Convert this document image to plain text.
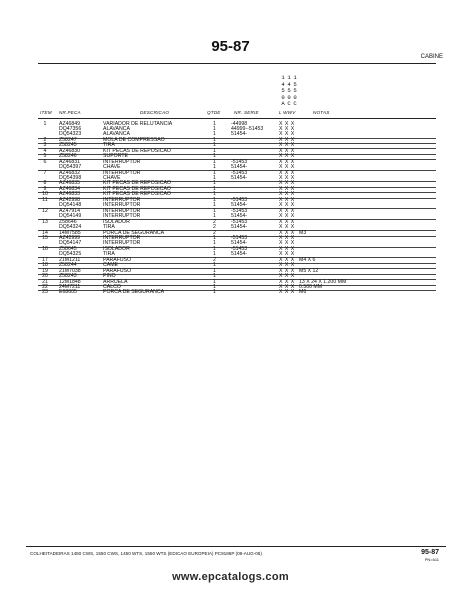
95-87
CABINE
1
4
5
0
A
1
4
5
0
C
1
5
5
0
C
ITEM NR.PECA	DESCRICAO	QTDE	NR. SERIE	L WWV	NOTAS
1	AZ46849	VARIADOR DE RELUTANCIA	1	-44998	X X X
DQ47356	ALAVANCA	1	44999--51453	X X X
DQ54323	ALAVANCA	1	51454-	X X X
2	Z58247	MOLA DE COMPRESSAO	1	X X X
3	Z58245	TIRA	1	X X X
4	AZ46830	KIT PECAS DE REPOSICAO	1	X X X
5	Z58246	SUPORTE	1	X X X
6	AZ46831	INTERRUPTOR	1	-51453	X X X
DQ54397	CHAVE	1	51454-	X X X
7	AZ46832	INTERRUPTOR	1	-51453	X X X
DQ54398	CHAVE	1	51454-	X X X
8	AZ46835	KIT PECAS DE REPOSICAO	1	X X X
9	AZ46834	KIT PECAS DE REPOSICAO	1	X X X
10	AZ46833	KIT PECAS DE REPOSICAO	1	X X X
11	AZ42998	INTERRUPTOR	1	-51453	X X X
DQ54148	INTERRUPTOR	1	51454-	X X X
12	AZ47914	INTERRUPTOR	1	-51453	X X X
DQ54149	INTERRUPTOR	1	51454-	X X X
13	Z58646	ISOLADOR	2	-51453	X X X
DQ54324	TIRA	2	51454-	X X X
14	14M7585	PORCA DE SEGURANCA	2	X X X M3
15	AZ42999	INTERRUPTOR	1	-51453	X X X
DQ54147	INTERRUPTOR	1	51454-	X X X
16	Z58645	ISOLADOR	1	-51453	X X X
DQ54325	TIRA	1	51454-	X X X
17	21M1211	PARAFUSO	2	X X X M4 X 6
18	Z58244	CAME	1	X X X
19	21M7038	PARAFUSO	1	X X X M5 X 12
20	Z58243	PINO	1	X X X
21	12M1848	ARRUELA	1	X X X 13 X 24 X 1.200 MM
22	24M7211	CALCO	1	X X X 0.500 MM
23	E68605	PORCA DE SEGURANCA	1	X X X M6
COLHEITADEIRAS 1450 CWS, 1550 CWS, 1450 WTS, 1550 WTS (EDICAO EUROPEIA) PC9186P (09-AUG-06)	95-87
PN=611
www.epcatalogs.com
